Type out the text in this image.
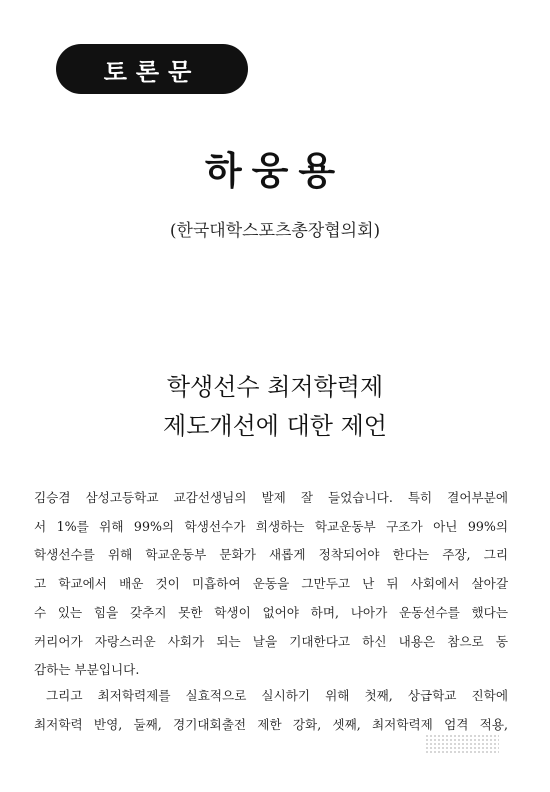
토론문
하웅용
(한국대학스포츠총장협의회)
학생선수 최저학력제
제도개선에 대한 제언
김승겸 삼성고등학교 교감선생님의 발제 잘 들었습니다. 특히 결어부분에
서 1%를 위해 99%의 학생선수가 희생하는 학교운동부 구조가 아닌 99%의
학생선수를 위해 학교운동부 문화가 새롭게 정착되어야 한다는 주장, 그리
고 학교에서 배운 것이 미흡하여 운동을 그만두고 난 뒤 사회에서 살아갈
수 있는 힘을 갖추지 못한 학생이 없어야 하며, 나아가 운동선수를 했다는
커리어가 자랑스러운 사회가 되는 날을 기대한다고 하신 내용은 참으로 동
감하는 부분입니다.
그리고 최저학력제를 실효적으로 실시하기 위해 첫째, 상급학교 진학에
최저학력 반영, 둘째, 경기대회출전 제한 강화, 셋째, 최저학력제 엄격 적용,
